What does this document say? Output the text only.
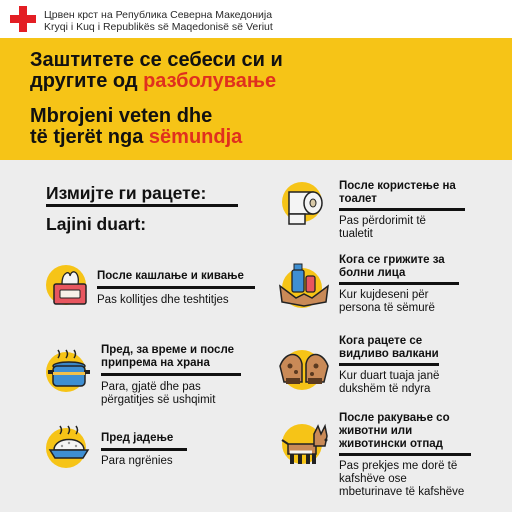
Црвен крст на Република Северна Македонија
Kryqi i Kuq i Republikës së Maqedonisë së Veriut
Заштитете се себеси си и
другите од разболување
Mbrojeni veten dhe
të tjerët nga sëmundja
Измијте ги рацете:
Lajini duart:
После кашлање и кивање
Pas kollitjes dhe teshtitjes
Пред, за време и после
припрема на храна
Para, gjatë dhe pas
përgatitjes së ushqimit
Пред јадење
Para ngrënies
После користење на
тоалет
Pas përdorimit të
tualetit
Кога се грижите за
болни лица
Kur kujdeseni për
persona të sëmurë
Кога рацете се
видливо валкани
Kur duart tuaja janë
dukshëm të ndyra
После ракување со
животни или
животински отпад
Pas prekjes me dorë të
kafshëve ose
mbeturinave të kafshëve
